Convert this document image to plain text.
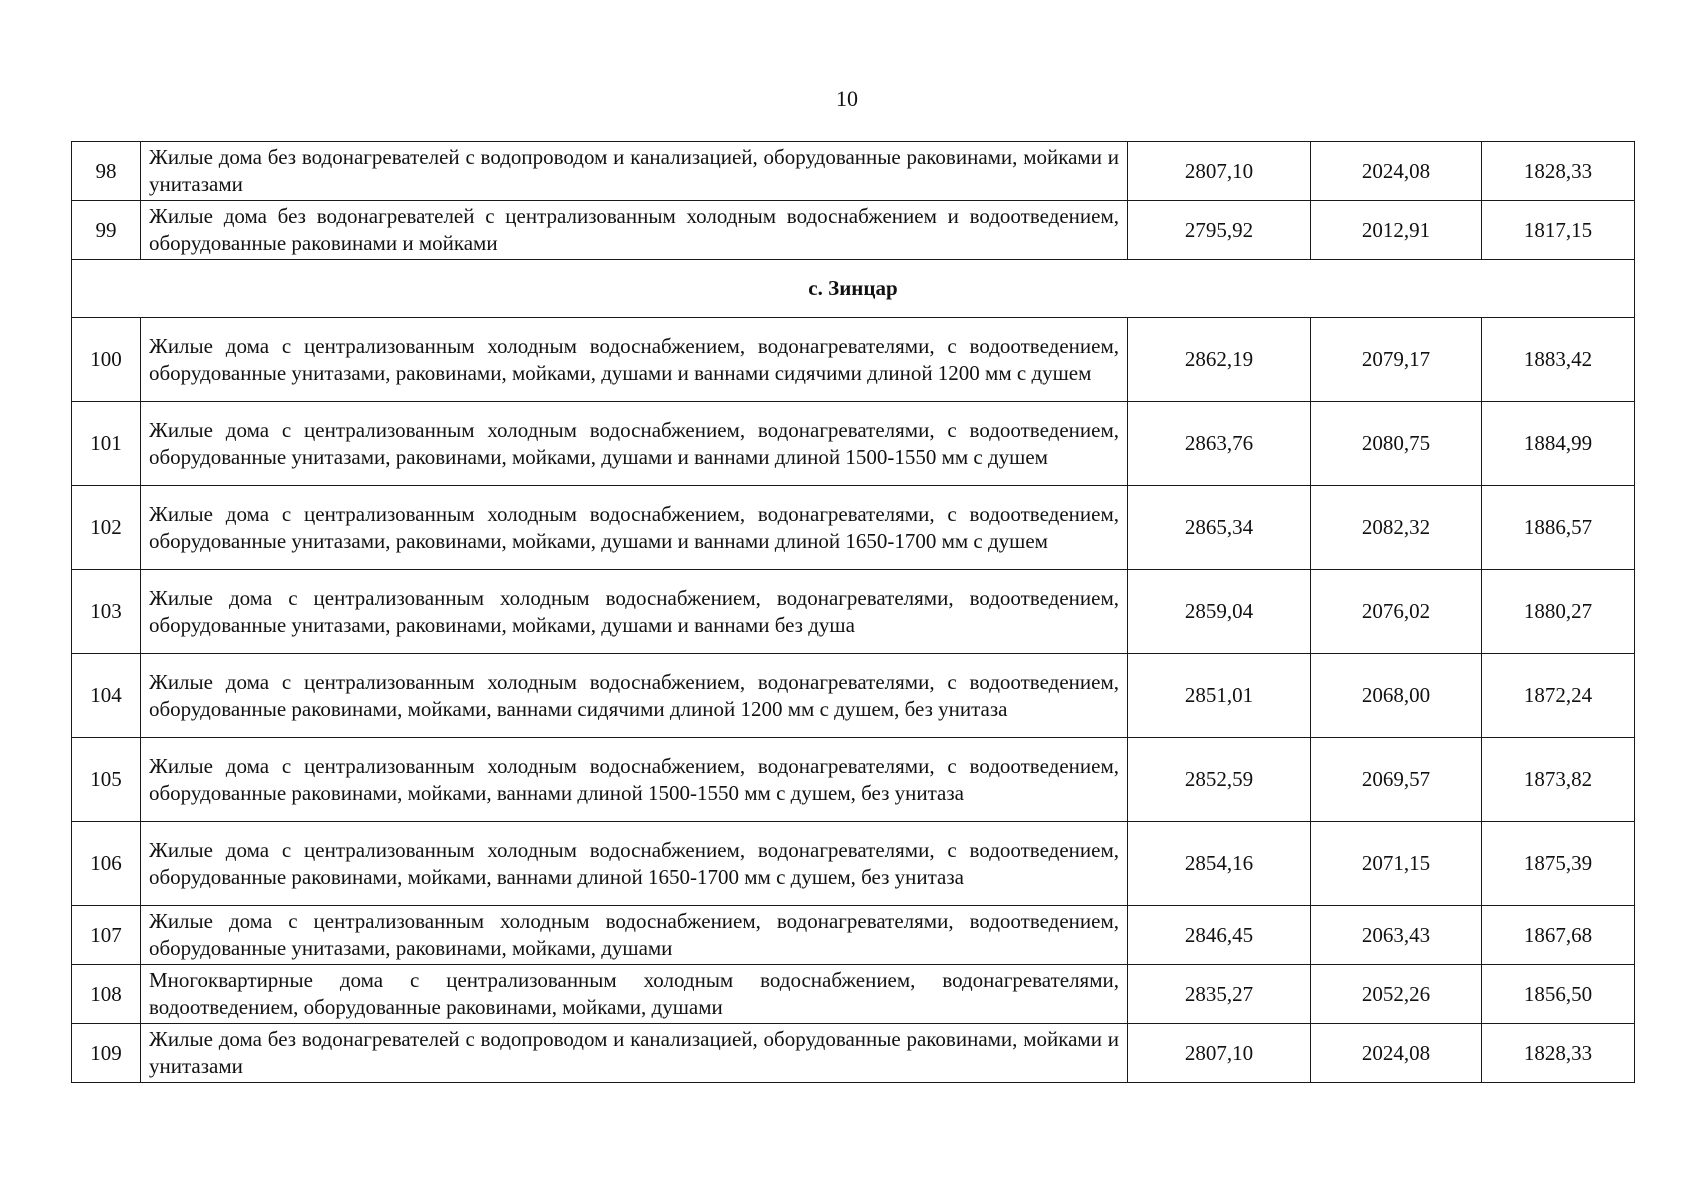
10
98	Жилые дома без водонагревателей с водопроводом и канализацией, оборудованные раковинами, мойками и унитазами	2807,10	2024,08	1828,33
99	Жилые дома без водонагревателей с централизованным холодным водоснабжением и водоотведением, оборудованные раковинами и мойками	2795,92	2012,91	1817,15
с. Зинцар				
100	Жилые дома с централизованным холодным водоснабжением, водонагревателями, с водоотведением, оборудованные унитазами, раковинами, мойками, душами и ваннами сидячими длиной 1200 мм с душем	2862,19	2079,17	1883,42
101	Жилые дома с централизованным холодным водоснабжением, водонагревателями, с водоотведением, оборудованные унитазами, раковинами, мойками, душами и ваннами длиной 1500-1550 мм с душем	2863,76	2080,75	1884,99
102	Жилые дома с централизованным холодным водоснабжением, водонагревателями, с водоотведением, оборудованные унитазами, раковинами, мойками, душами и ваннами длиной 1650-1700 мм с душем	2865,34	2082,32	1886,57
103	Жилые дома с централизованным холодным водоснабжением, водонагревателями, водоотведением, оборудованные унитазами, раковинами, мойками, душами и ваннами без душа	2859,04	2076,02	1880,27
104	Жилые дома с централизованным холодным водоснабжением, водонагревателями, с водоотведением, оборудованные раковинами, мойками, ваннами сидячими длиной 1200 мм с душем, без унитаза	2851,01	2068,00	1872,24
105	Жилые дома с централизованным холодным водоснабжением, водонагревателями, с водоотведением, оборудованные раковинами, мойками, ваннами длиной 1500-1550 мм с душем, без унитаза	2852,59	2069,57	1873,82
106	Жилые дома с централизованным холодным водоснабжением, водонагревателями, с водоотведением, оборудованные раковинами, мойками, ваннами длиной 1650-1700 мм с душем, без унитаза	2854,16	2071,15	1875,39
107	Жилые дома с централизованным холодным водоснабжением, водонагревателями, водоотведением, оборудованные унитазами, раковинами, мойками, душами	2846,45	2063,43	1867,68
108	Многоквартирные дома с централизованным холодным водоснабжением, водонагревателями, водоотведением, оборудованные раковинами, мойками, душами	2835,27	2052,26	1856,50
109	Жилые дома без водонагревателей с водопроводом и канализацией, оборудованные раковинами, мойками и унитазами	2807,10	2024,08	1828,33
